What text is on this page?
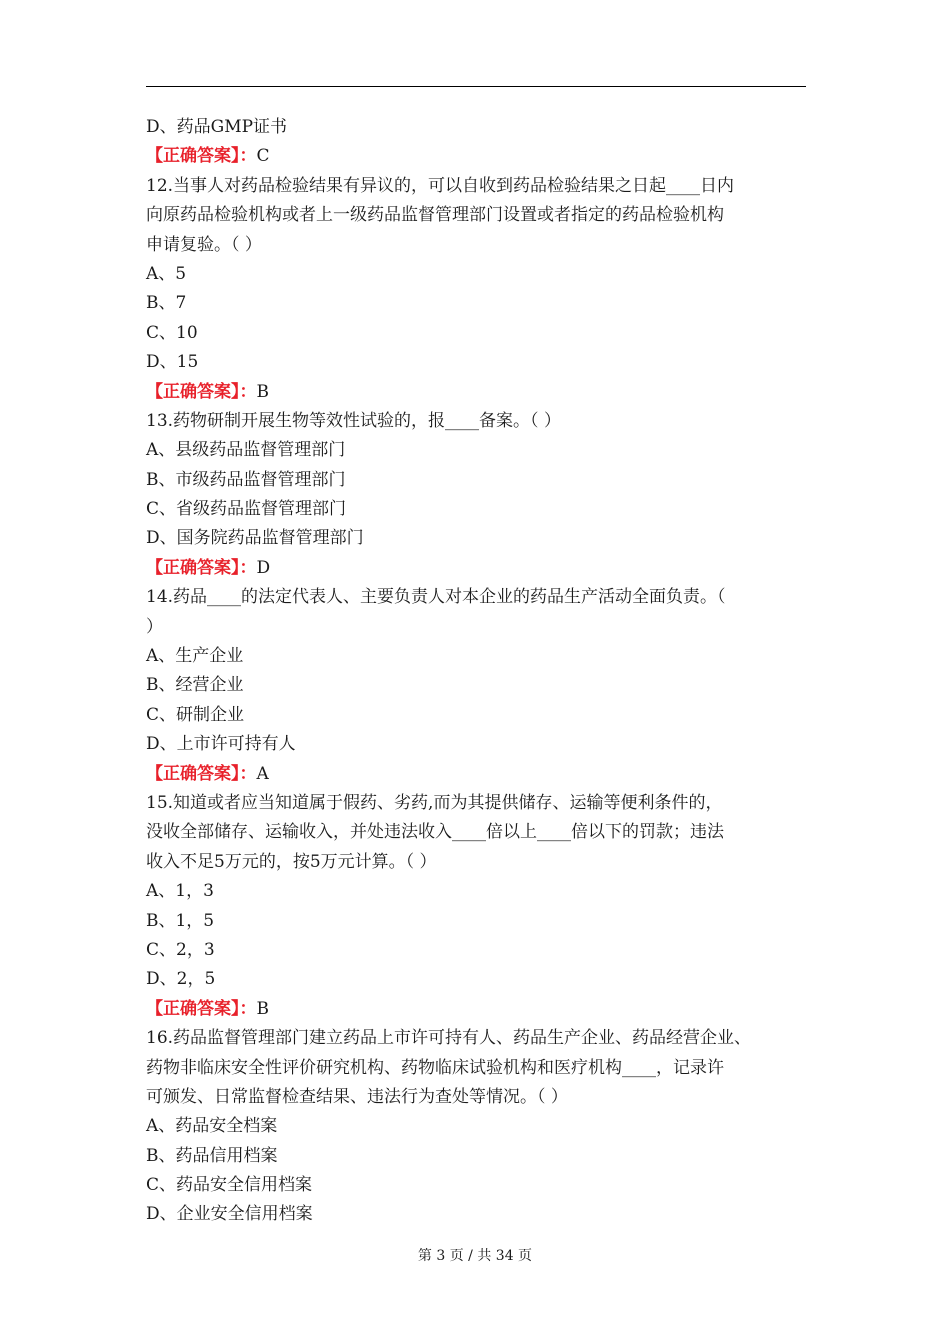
D、药品GMP证书
【正确答案】：C
12.当事人对药品检验结果有异议的，可以自收到药品检验结果之日起____日内
向原药品检验机构或者上一级药品监督管理部门设置或者指定的药品检验机构
申请复验。（ ）
A、5
B、7
C、10
D、15
【正确答案】：B
13.药物研制开展生物等效性试验的，报____备案。（ ）
A、县级药品监督管理部门
B、市级药品监督管理部门
C、省级药品监督管理部门
D、国务院药品监督管理部门
【正确答案】：D
14.药品____的法定代表人、主要负责人对本企业的药品生产活动全面负责。（
）
A、生产企业
B、经营企业
C、研制企业
D、上市许可持有人
【正确答案】：A
15.知道或者应当知道属于假药、劣药,而为其提供储存、运输等便利条件的，
没收全部储存、运输收入，并处违法收入____倍以上____倍以下的罚款；违法
收入不足5万元的，按5万元计算。（ ）
A、1，3
B、1，5
C、2，3
D、2，5
【正确答案】：B
16.药品监督管理部门建立药品上市许可持有人、药品生产企业、药品经营企业、
药物非临床安全性评价研究机构、药物临床试验机构和医疗机构____，记录许
可颁发、日常监督检查结果、违法行为查处等情况。（ ）
A、药品安全档案
B、药品信用档案
C、药品安全信用档案
D、企业安全信用档案
第 3 页 / 共 34 页
